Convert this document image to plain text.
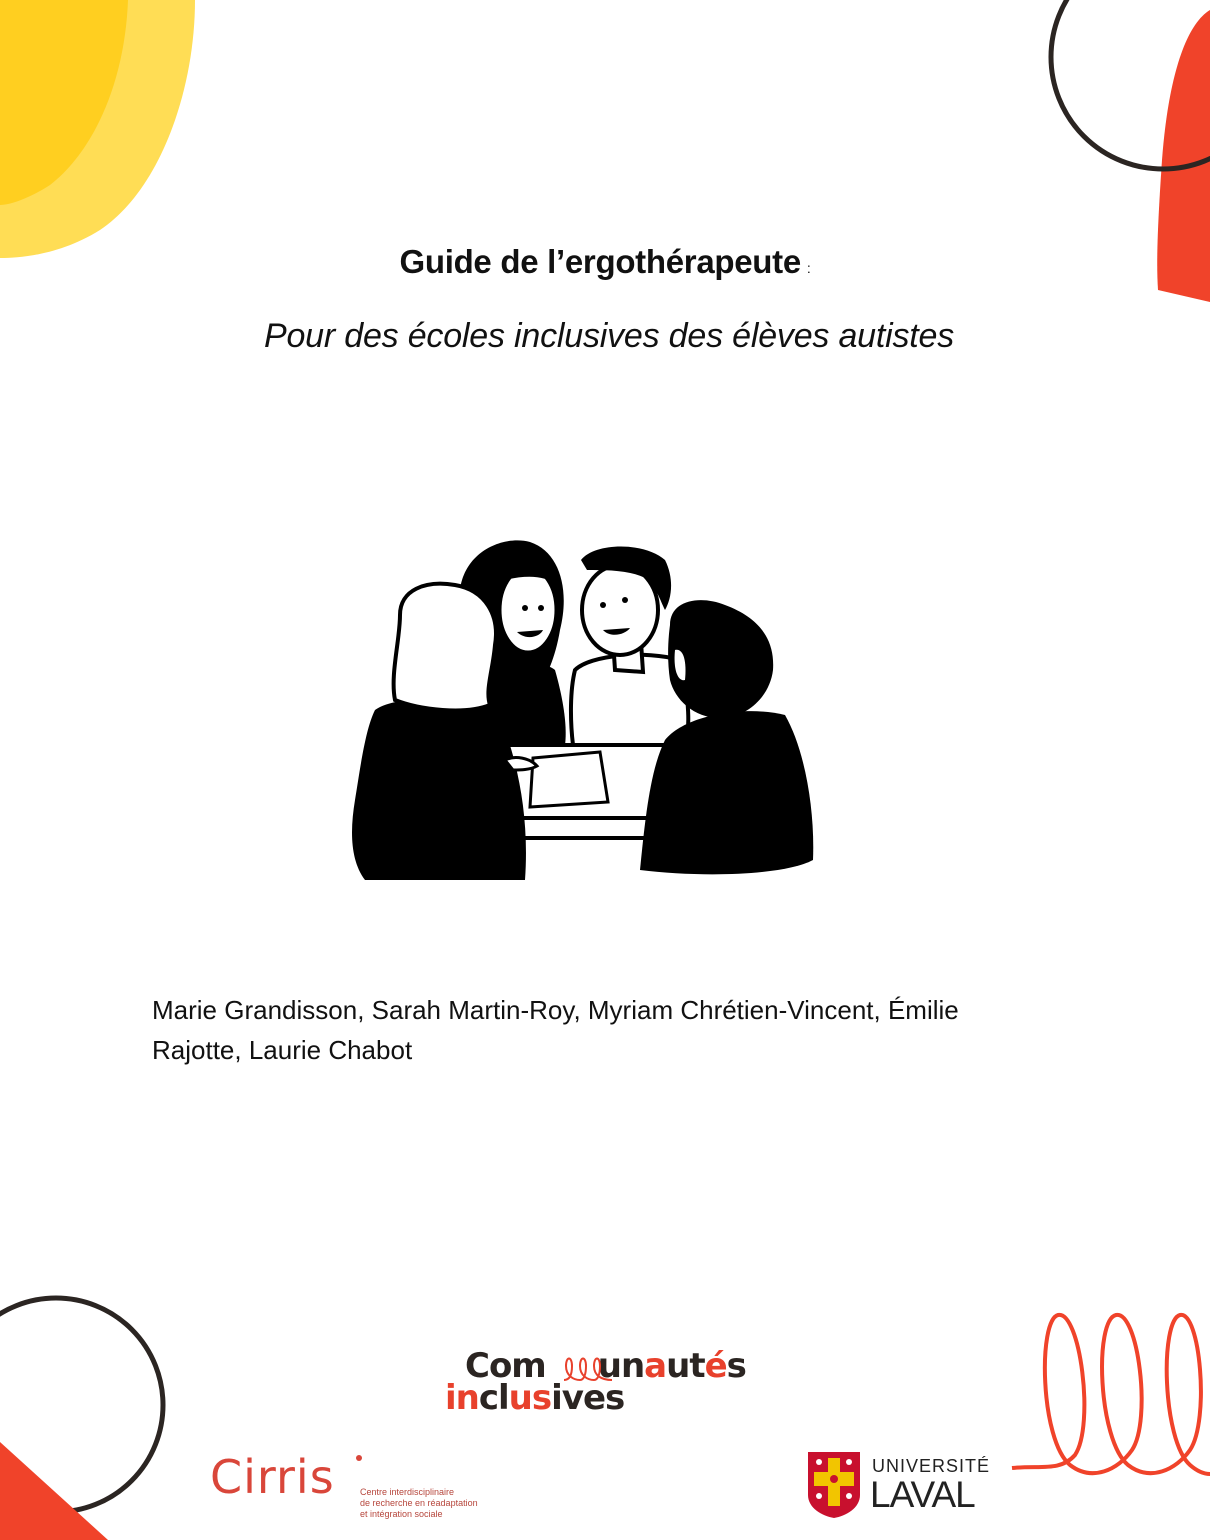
Guide de l’ergothérapeute :
Pour des écoles inclusives des élèves autistes
Marie Grandisson, Sarah Martin-Roy, Myriam Chrétien-Vincent, Émilie
Rajotte, Laurie Chabot
Com unautés
inclusives
Cirris	Centre interdisciplinaire
de recherche en réadaptation
et intégration sociale
UNIVERSITÉ
LAVAL
